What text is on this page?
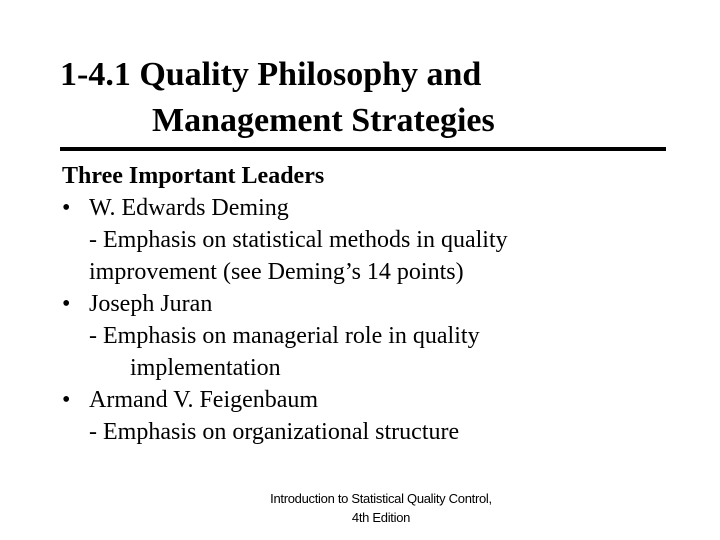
1-4.1 Quality Philosophy and
Management Strategies
Three Important Leaders
• W. Edwards Deming
- Emphasis on statistical methods in quality
improvement (see Deming’s 14 points)
• Joseph Juran
- Emphasis on managerial role in quality
implementation
• Armand V. Feigenbaum
- Emphasis on organizational structure
Introduction to Statistical Quality Control,
4th Edition
